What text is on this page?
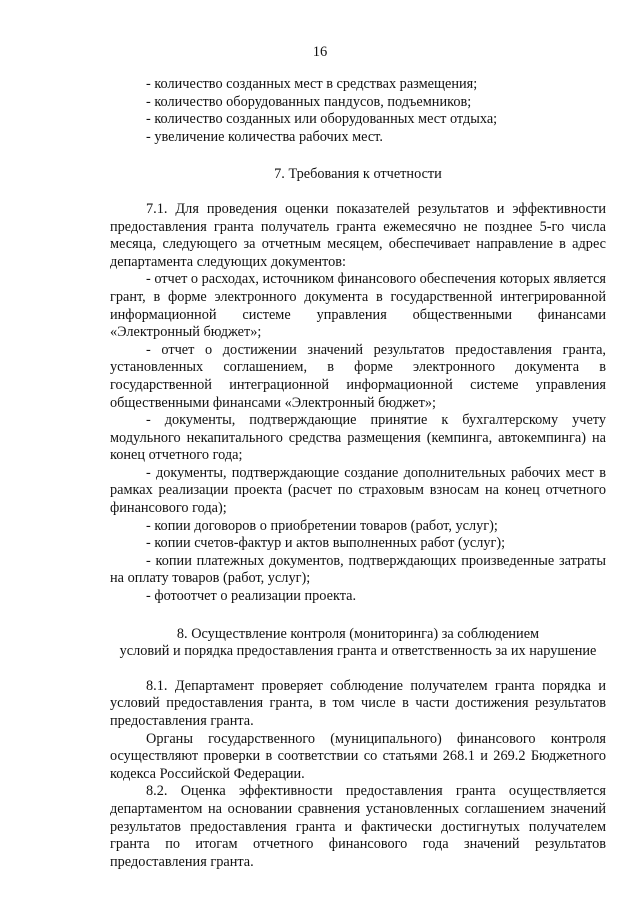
16

- количество созданных мест в средствах размещения;

- количество оборудованных пандусов, подъемников;

- количество созданных или оборудованных мест отдыха;

- увеличение количества рабочих мест.

7. Требования к отчетности

7.1. Для проведения оценки показателей результатов и эффективности предоставления гранта получатель гранта ежемесячно не позднее 5-го числа месяца, следующего за отчетным месяцем, обеспечивает направление в адрес департамента следующих документов:

- отчет о расходах, источником финансового обеспечения которых является грант, в форме электронного документа в государственной интегрированной информационной системе управления общественными финансами «Электронный бюджет»;

- отчет о достижении значений результатов предоставления гранта, установленных соглашением, в форме электронного документа в государственной интеграционной информационной системе управления общественными финансами «Электронный бюджет»;

- документы, подтверждающие принятие к бухгалтерскому учету модульного некапитального средства размещения (кемпинга, автокемпинга) на конец отчетного года;

- документы, подтверждающие создание дополнительных рабочих мест в рамках реализации проекта (расчет по страховым взносам на конец отчетного финансового года);

- копии договоров о приобретении товаров (работ, услуг);

- копии счетов-фактур и актов выполненных работ (услуг);

- копии платежных документов, подтверждающих произведенные затраты на оплату товаров (работ, услуг);

- фотоотчет о реализации проекта.

8. Осуществление контроля (мониторинга) за соблюдением

условий и порядка предоставления гранта и ответственность за их нарушение

8.1. Департамент проверяет соблюдение получателем гранта порядка и условий предоставления гранта, в том числе в части достижения результатов предоставления гранта.

Органы государственного (муниципального) финансового контроля осуществляют проверки в соответствии со статьями 268.1 и 269.2 Бюджетного кодекса Российской Федерации.

8.2. Оценка эффективности предоставления гранта осуществляется департаментом на основании сравнения установленных соглашением значений результатов предоставления гранта и фактически достигнутых получателем гранта по итогам отчетного финансового года значений результатов предоставления гранта.
